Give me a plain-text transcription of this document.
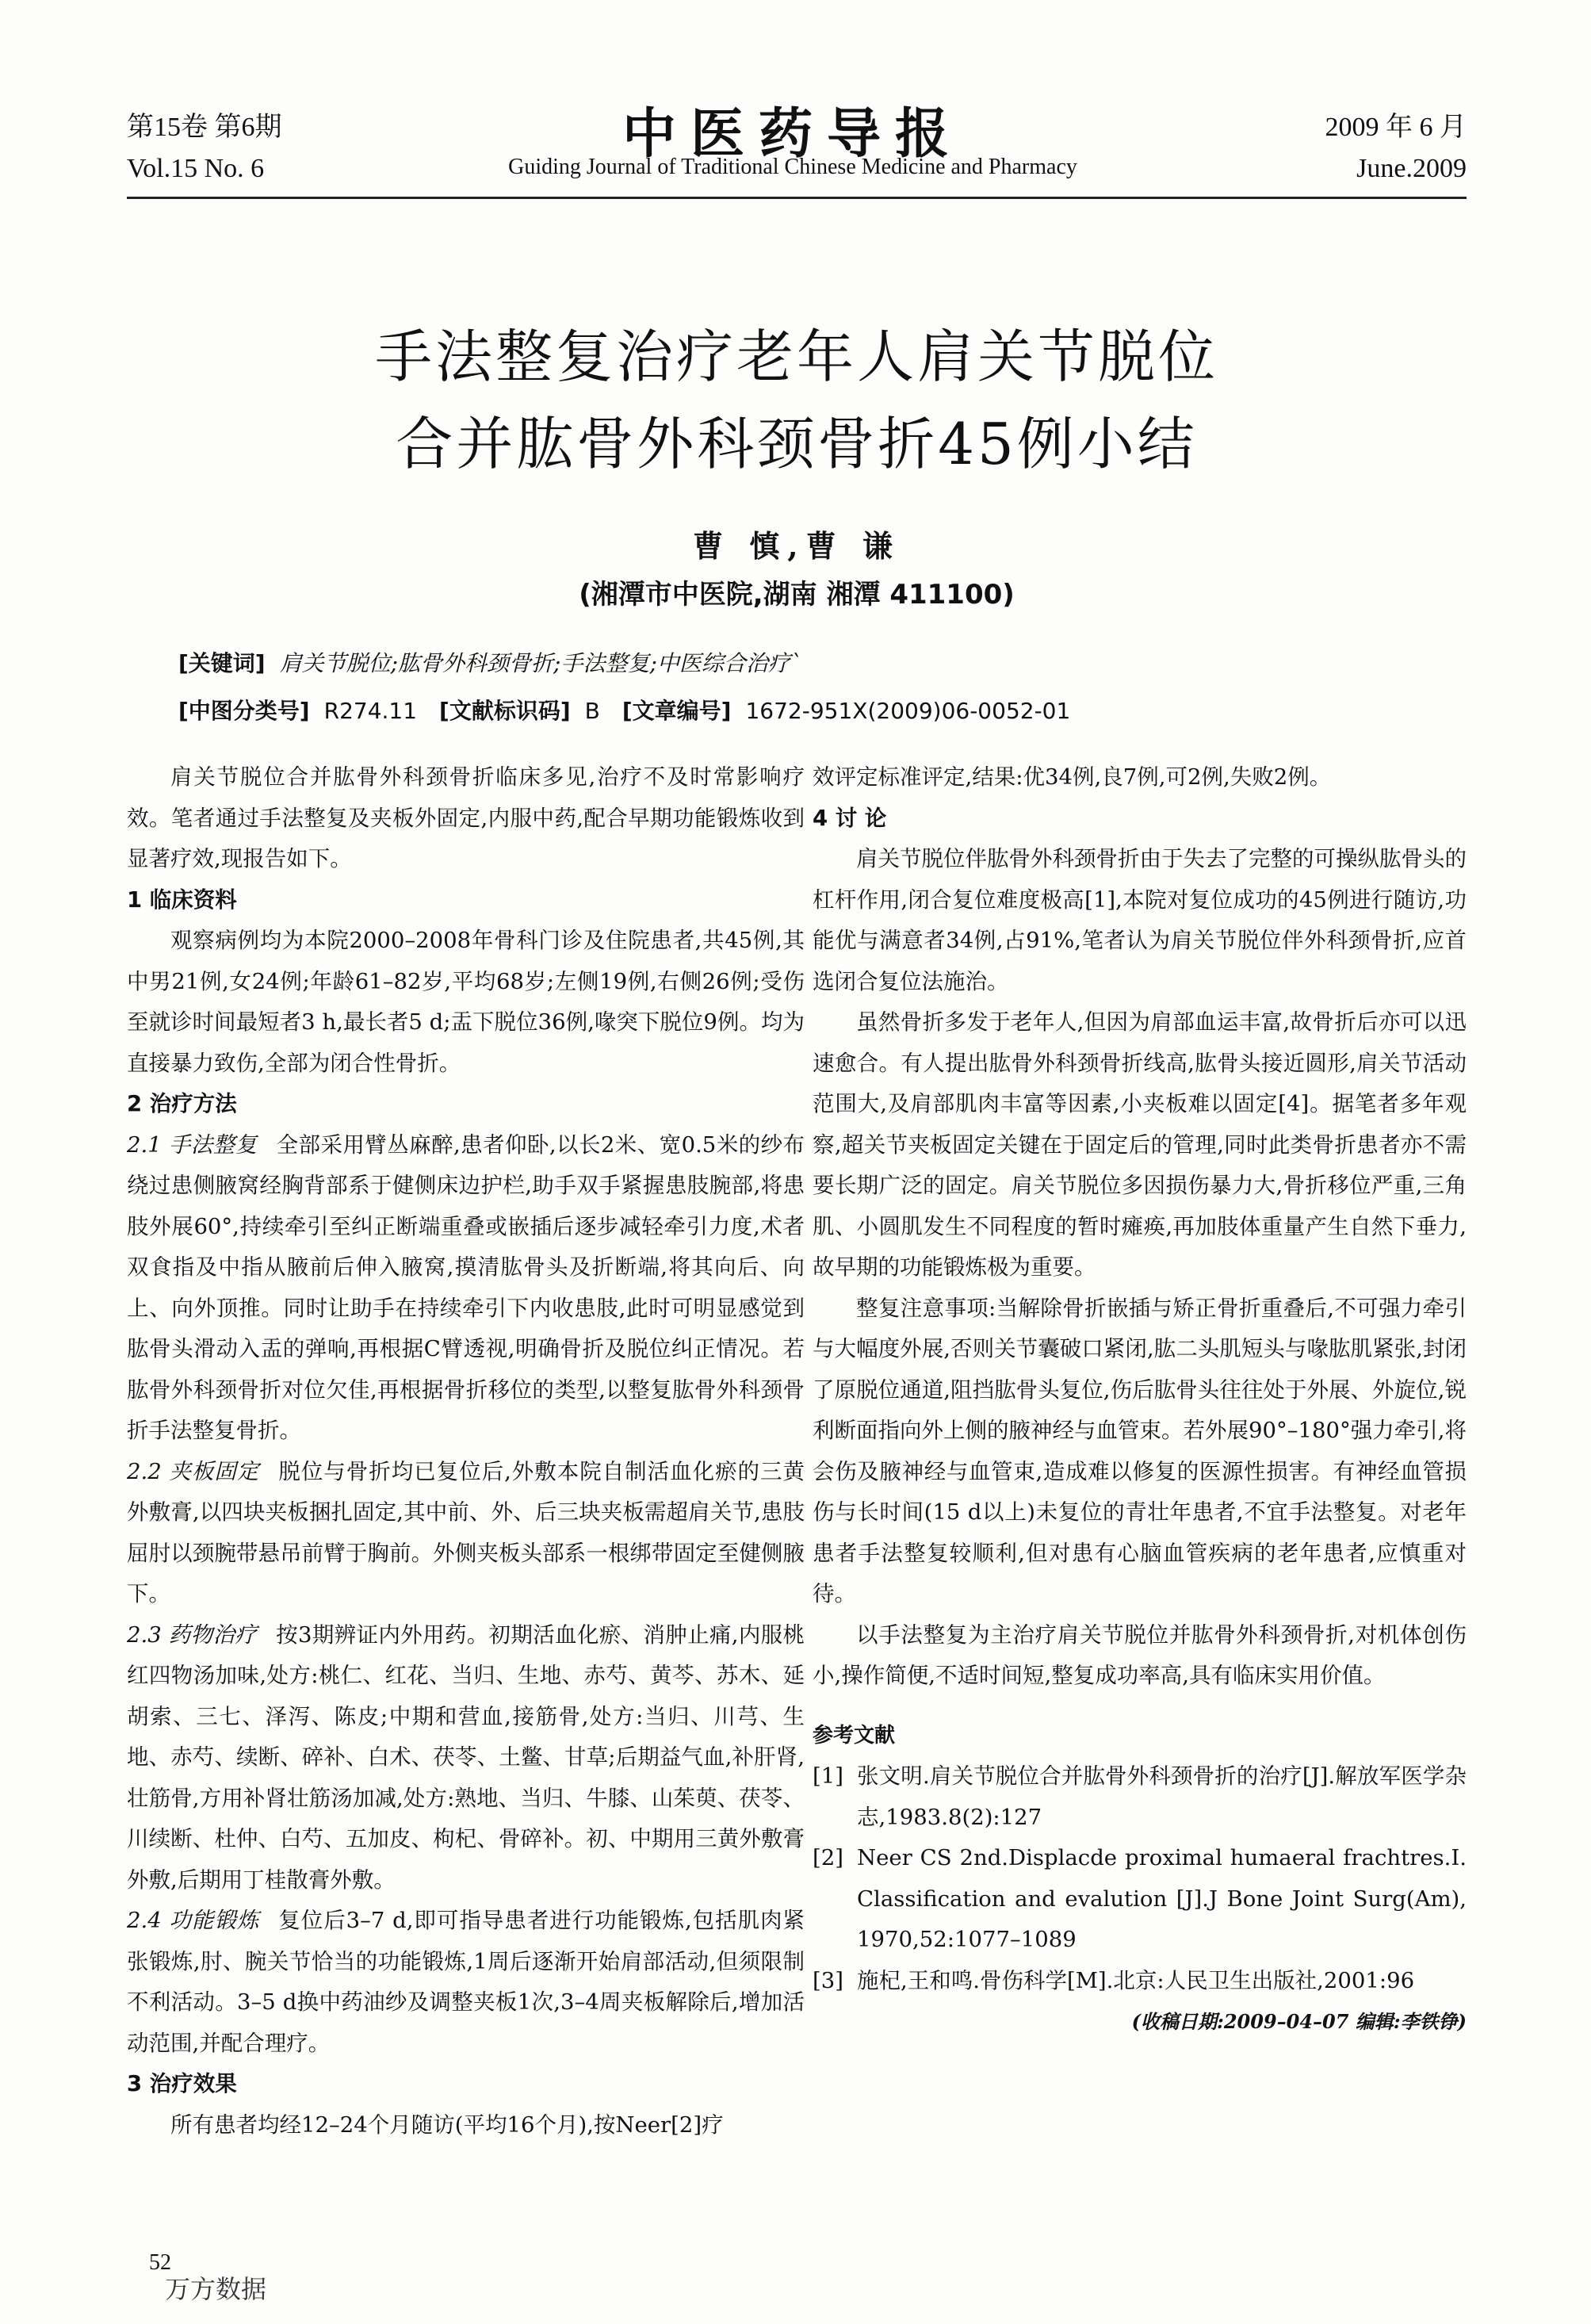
第15卷 第6期
Vol.15 No. 6
中医药导报
Guiding Journal of Traditional Chinese Medicine and Pharmacy
2009 年 6 月
June.2009
手法整复治疗老年人肩关节脱位
合并肱骨外科颈骨折45例小结
曹 慎,曹 谦
(湘潭市中医院,湖南 湘潭 411100)
[关键词] 肩关节脱位;肱骨外科颈骨折;手法整复;中医综合治疗`
[中图分类号] R274.11 [文献标识码] B [文章编号] 1672-951X(2009)06-0052-01

肩关节脱位合并肱骨外科颈骨折临床多见,治疗不及时常影响疗效。笔者通过手法整复及夹板外固定,内服中药,配合早期功能锻炼收到显著疗效,现报告如下。

1 临床资料

观察病例均为本院2000–2008年骨科门诊及住院患者,共45例,其中男21例,女24例;年龄61–82岁,平均68岁;左侧19例,右侧26例;受伤至就诊时间最短者3 h,最长者5 d;盂下脱位36例,喙突下脱位9例。均为直接暴力致伤,全部为闭合性骨折。

2 治疗方法

2.1 手法整复 全部采用臂丛麻醉,患者仰卧,以长2米、宽0.5米的纱布绕过患侧腋窝经胸背部系于健侧床边护栏,助手双手紧握患肢腕部,将患肢外展60°,持续牵引至纠正断端重叠或嵌插后逐步减轻牵引力度,术者双食指及中指从腋前后伸入腋窝,摸清肱骨头及折断端,将其向后、向上、向外顶推。同时让助手在持续牵引下内收患肢,此时可明显感觉到肱骨头滑动入盂的弹响,再根据C臂透视,明确骨折及脱位纠正情况。若肱骨外科颈骨折对位欠佳,再根据骨折移位的类型,以整复肱骨外科颈骨折手法整复骨折。

2.2 夹板固定 脱位与骨折均已复位后,外敷本院自制活血化瘀的三黄外敷膏,以四块夹板捆扎固定,其中前、外、后三块夹板需超肩关节,患肢屈肘以颈腕带悬吊前臂于胸前。外侧夹板头部系一根绑带固定至健侧腋下。

2.3 药物治疗 按3期辨证内外用药。初期活血化瘀、消肿止痛,内服桃红四物汤加味,处方:桃仁、红花、当归、生地、赤芍、黄芩、苏木、延胡索、三七、泽泻、陈皮;中期和营血,接筋骨,处方:当归、川芎、生地、赤芍、续断、碎补、白术、茯苓、土鳖、甘草;后期益气血,补肝肾,壮筋骨,方用补肾壮筋汤加减,处方:熟地、当归、牛膝、山茱萸、茯苓、川续断、杜仲、白芍、五加皮、枸杞、骨碎补。初、中期用三黄外敷膏外敷,后期用丁桂散膏外敷。

2.4 功能锻炼 复位后3–7 d,即可指导患者进行功能锻炼,包括肌肉紧张锻炼,肘、腕关节恰当的功能锻炼,1周后逐渐开始肩部活动,但须限制不利活动。3–5 d换中药油纱及调整夹板1次,3–4周夹板解除后,增加活动范围,并配合理疗。

3 治疗效果

所有患者均经12–24个月随访(平均16个月),按Neer[2]疗

效评定标准评定,结果:优34例,良7例,可2例,失败2例。

4 讨 论

肩关节脱位伴肱骨外科颈骨折由于失去了完整的可操纵肱骨头的杠杆作用,闭合复位难度极高[1],本院对复位成功的45例进行随访,功能优与满意者34例,占91%,笔者认为肩关节脱位伴外科颈骨折,应首选闭合复位法施治。

虽然骨折多发于老年人,但因为肩部血运丰富,故骨折后亦可以迅速愈合。有人提出肱骨外科颈骨折线高,肱骨头接近圆形,肩关节活动范围大,及肩部肌肉丰富等因素,小夹板难以固定[4]。据笔者多年观察,超关节夹板固定关键在于固定后的管理,同时此类骨折患者亦不需要长期广泛的固定。肩关节脱位多因损伤暴力大,骨折移位严重,三角肌、小圆肌发生不同程度的暂时瘫痪,再加肢体重量产生自然下垂力,故早期的功能锻炼极为重要。

整复注意事项:当解除骨折嵌插与矫正骨折重叠后,不可强力牵引与大幅度外展,否则关节囊破口紧闭,肱二头肌短头与喙肱肌紧张,封闭了原脱位通道,阻挡肱骨头复位,伤后肱骨头往往处于外展、外旋位,锐利断面指向外上侧的腋神经与血管束。若外展90°–180°强力牵引,将会伤及腋神经与血管束,造成难以修复的医源性损害。有神经血管损伤与长时间(15 d以上)未复位的青壮年患者,不宜手法整复。对老年患者手法整复较顺利,但对患有心脑血管疾病的老年患者,应慎重对待。

以手法整复为主治疗肩关节脱位并肱骨外科颈骨折,对机体创伤小,操作简便,不适时间短,整复成功率高,具有临床实用价值。

参考文献

[1] 张文明.肩关节脱位合并肱骨外科颈骨折的治疗[J].解放军医学杂志,1983.8(2):127

[2] Neer CS 2nd.Displacde proximal humaeral frachtres.I. Classification and evalution [J].J Bone Joint Surg(Am), 1970,52:1077–1089

[3] 施杞,王和鸣.骨伤科学[M].北京:人民卫生出版社,2001:96

(收稿日期:2009–04–07 编辑:李铁铮)

52
万方数据
